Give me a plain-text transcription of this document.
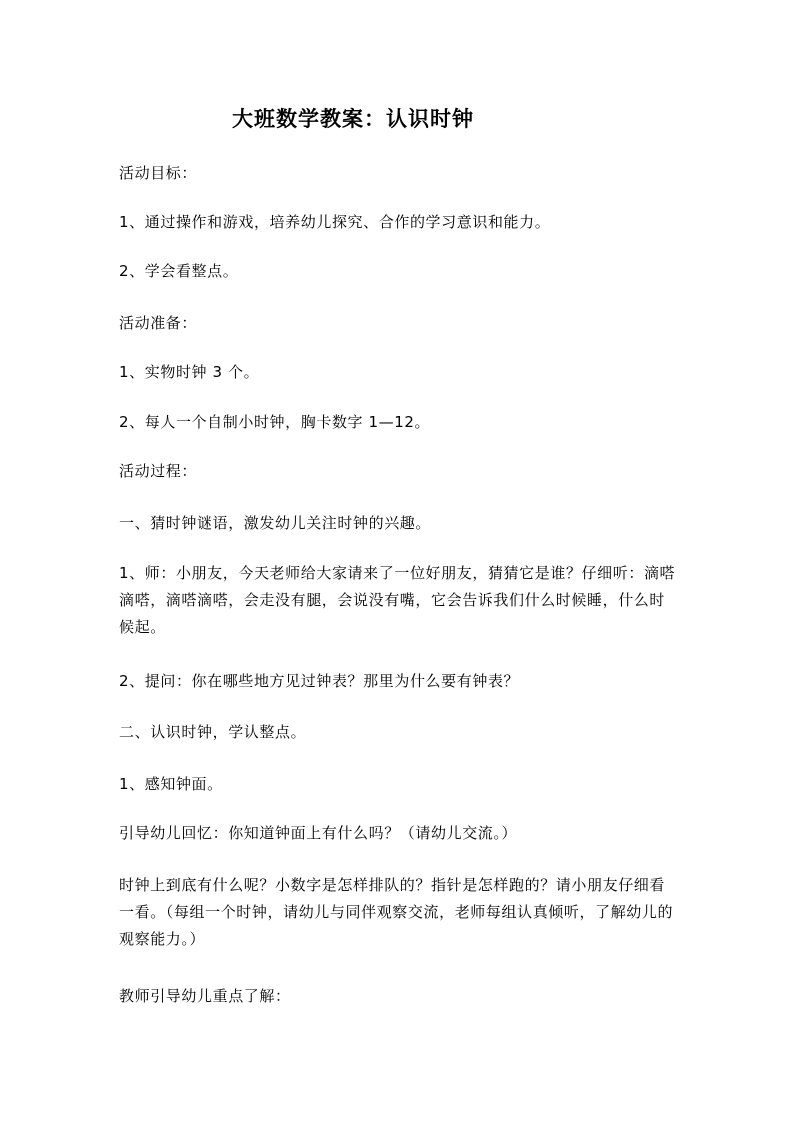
大班数学教案：认识时钟
活动目标：
1、通过操作和游戏，培养幼儿探究、合作的学习意识和能力。
2、学会看整点。
活动准备：
1、实物时钟 3 个。
2、每人一个自制小时钟，胸卡数字 1—12。
活动过程：
一、猜时钟谜语，激发幼儿关注时钟的兴趣。
1、师：小朋友，今天老师给大家请来了一位好朋友，猜猜它是谁？仔细听：滴嗒滴嗒，滴嗒滴嗒，会走没有腿，会说没有嘴，它会告诉我们什么时候睡，什么时候起。
2、提问：你在哪些地方见过钟表？那里为什么要有钟表？
二、认识时钟，学认整点。
1、感知钟面。
引导幼儿回忆：你知道钟面上有什么吗？（请幼儿交流。）
时钟上到底有什么呢？小数字是怎样排队的？指针是怎样跑的？请小朋友仔细看一看。（每组一个时钟，请幼儿与同伴观察交流，老师每组认真倾听，了解幼儿的观察能力。）
教师引导幼儿重点了解：
